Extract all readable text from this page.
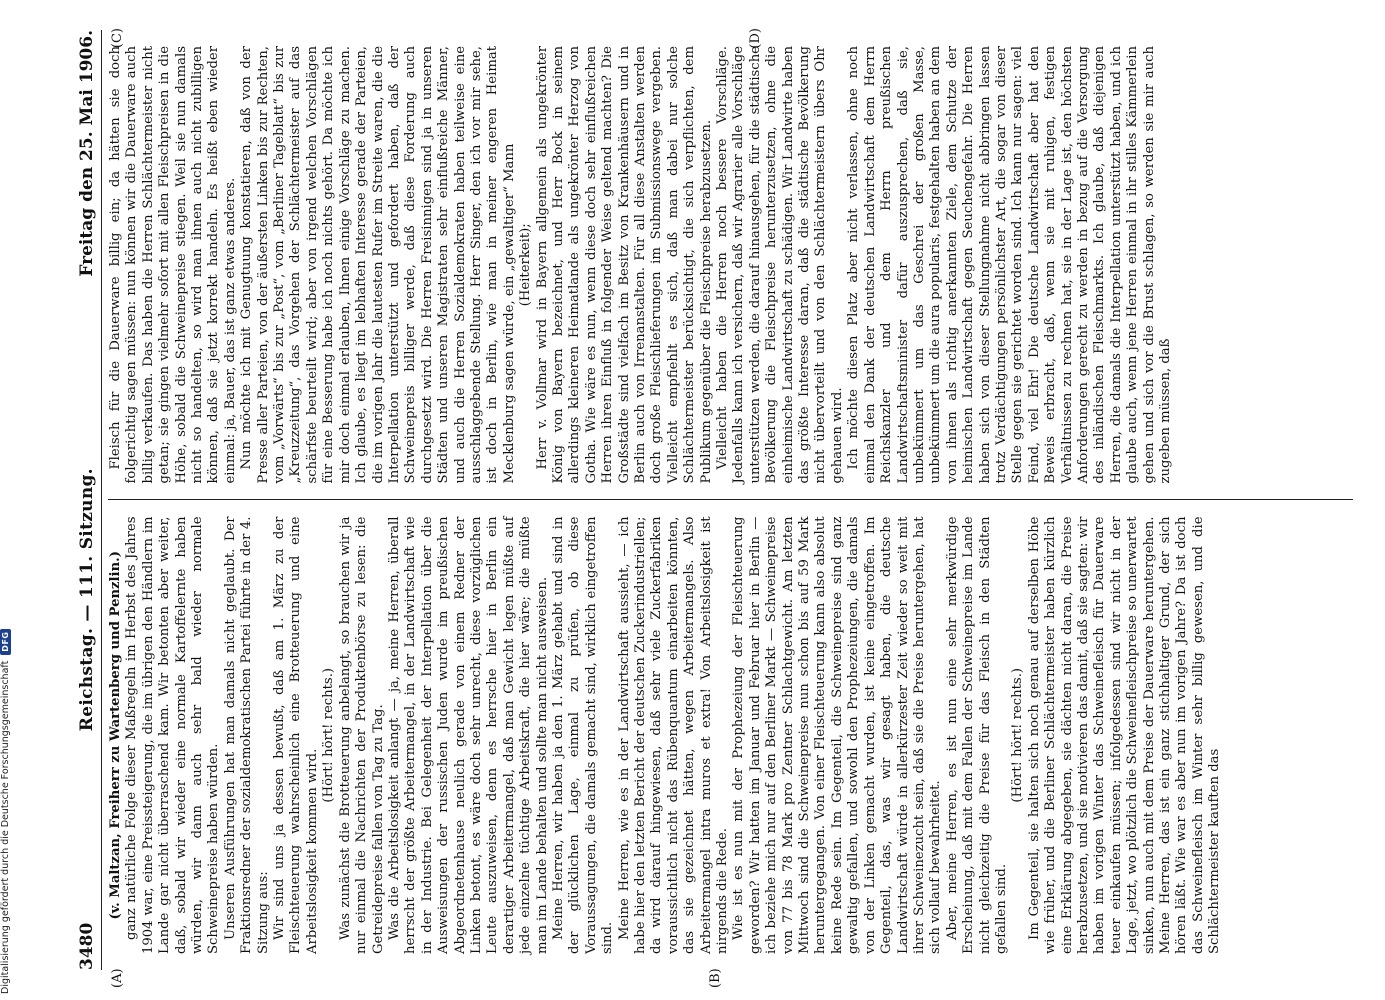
Digitalisierung gefördert durch die Deutsche Forschungsgemeinschaft
DFG
3480
Reichstag. — 111. Sitzung.
Freitag den 25. Mai 1906.
(A)	(B)

(v. Maltzan, Freiherr zu Wartenberg und Penzlin.) ganz natürliche Folge dieser Maßregeln im Herbst des Jahres 1904 war, eine Preissteigerung, die im übrigen den Händlern im Lande gar nicht überraschend kam. Wir betonten aber weiter, daß, sobald wir wieder eine normale Kartoffelernte haben würden, wir dann auch sehr bald wieder normale Schweinepreise haben würden. Unseren Ausführungen hat man damals nicht geglaubt. Der Fraktionsredner der sozialdemokratischen Partei führte in der 4. Sitzung aus: Wir sind uns ja dessen bewußt, daß am 1. März zu der Fleischteuerung wahrscheinlich eine Brotteuerung und eine Arbeitslosigkeit kommen wird.

(Hört! hört! rechts.) Was zunächst die Brotteuerung anbelangt, so brauchen wir ja nur einmal die Nachrichten der Produktenbörse zu lesen: die Getreidepreise fallen von Tag zu Tag. Was die Arbeitslosigkeit anlangt — ja, meine Herren, überall herrscht der größte Arbeitermangel, in der Landwirtschaft wie in der Industrie. Bei Gelegenheit der Interpellation über die Ausweisungen der russischen Juden wurde im preußischen Abgeordnetenhause neulich gerade von einem Redner der Linken betont, es wäre doch sehr unrecht, diese vorzüglichen Leute auszuweisen, denn es herrsche hier in Berlin ein derartiger Arbeitermangel, daß man Gewicht legen müßte auf jede einzelne tüchtige Arbeitskraft, die hier wäre; die müßte man im Lande behalten und sollte man nicht ausweisen. Meine Herren, wir haben ja den 1. März gehabt und sind in der glücklichen Lage, einmal zu prüfen, ob diese Voraussagungen, die damals gemacht sind, wirklich eingetroffen sind. Meine Herren, wie es in der Landwirtschaft aussieht, — ich habe hier den letzten Bericht der deutschen Zuckerindustriellen; da wird darauf hingewiesen, daß sehr viele Zuckerfabriken voraussichtlich nicht das Rübenquantum einarbeiten könnten, das sie gezeichnet hätten, wegen Arbeitermangels. Also Arbeitermangel intra muros et extra! Von Arbeitslosigkeit ist nirgends die Rede. Wie ist es nun mit der Prophezeiung der Fleischteuerung geworden? Wir hatten im Januar und Februar hier in Berlin — ich beziehe mich nur auf den Berliner Markt — Schweinepreise von 77 bis 78 Mark pro Zentner Schlachtgewicht. Am letzten Mittwoch sind die Schweinepreise nun schon bis auf 59 Mark heruntergegangen. Von einer Fleischteuerung kann also absolut keine Rede sein. Im Gegenteil, die Schweinepreise sind ganz gewaltig gefallen, und sowohl den Prophezeiungen, die damals von der Linken gemacht wurden, ist keine eingetroffen. Im Gegenteil, das, was wir gesagt haben, die deutsche Landwirtschaft würde in allerkürzester Zeit wieder so weit mit ihrer Schweinezucht sein, daß sie die Preise heruntergehen, hat sich vollauf bewahrheitet. Aber, meine Herren, es ist nun eine sehr merkwürdige Erscheinung, daß mit dem Fallen der Schweinepreise im Lande nicht gleichzeitig die Preise für das Fleisch in den Städten gefallen sind.

(Hört! hört! rechts.) Im Gegenteil, sie halten sich noch genau auf derselben Höhe wie früher, und die Berliner Schlächtermeister haben kürzlich eine Erklärung abgegeben, sie dächten nicht daran, die Preise herabzusetzen, und sie motivieren das damit, daß sie sagten: wir haben im vorigen Winter das Schweinefleisch für Dauerware teuer einkaufen müssen; infolgedessen sind wir nicht in der Lage, jetzt, wo plötzlich die Schweinefleischpreise so unerwartet sinken, nun auch mit dem Preise der Dauerware heruntergehen. Meine Herren, das ist ein ganz stichhaltiger Grund, der sich hören läßt. Wie war es aber nun im vorigen Jahre? Da ist doch das Schweinefleisch im Winter sehr billig gewesen, und die Schlächtermeister kauften das

(C)	(D)

Fleisch für die Dauerware billig ein; da hätten sie doch folgerichtig sagen müssen: nun können wir die Dauerware auch billig verkaufen. Das haben die Herren Schlächtermeister nicht getan; sie gingen vielmehr sofort mit allen Fleischpreisen in die Höhe, sobald die Schweinepreise stiegen. Weil sie nun damals nicht so handelten, so wird man ihnen auch nicht zubilligen können, daß sie jetzt korrekt handeln. Es heißt eben wieder einmal: ja, Bauer, das ist ganz etwas anderes. Nun möchte ich mit Genugtuung konstatieren, daß von der Presse aller Parteien, von der äußersten Linken bis zur Rechten, vom „Vorwärts“ bis zur „Post“, vom „Berliner Tageblatt“ bis zur „Kreuzzeitung“, das Vorgehen der Schlächtermeister auf das schärfste beurteilt wird; aber von irgend welchen Vorschlägen für eine Besserung habe ich noch nichts gehört. Da möchte ich mir doch einmal erlauben, Ihnen einige Vorschläge zu machen. Ich glaube, es liegt im lebhaften Interesse gerade der Parteien, die im vorigen Jahr die lautesten Rufer im Streite waren, die die Interpellation unterstützt und gefordert haben, daß der Schweinepreis billiger werde, daß diese Forderung auch durchgesetzt wird. Die Herren Freisinnigen sind ja in unseren Städten und unseren Magistraten sehr einflußreiche Männer, und auch die Herren Sozialdemokraten haben teilweise eine ausschlaggebende Stellung. Herr Singer, den ich vor mir sehe, ist doch in Berlin, wie man in meiner engeren Heimat Mecklenburg sagen würde, ein „gewaltiger“ Mann (Heiterkeit); Herr v. Vollmar wird in Bayern allgemein als ungekrönter König von Bayern bezeichnet, und Herr Bock in seinem allerdings kleineren Heimatlande als ungekrönter Herzog von Gotha. Wie wäre es nun, wenn diese doch sehr einflußreichen Herren ihren Einfluß in folgender Weise geltend machten? Die Großstädte sind vielfach im Besitz von Krankenhäusern und in Berlin auch von Irrenanstalten. Für all diese Anstalten werden doch große Fleischlieferungen im Submissionswege vergeben. Vielleicht empfiehlt es sich, daß man dabei nur solche Schlächtermeister berücksichtigt, die sich verpflichten, dem Publikum gegenüber die Fleischpreise herabzusetzen. Vielleicht haben die Herren noch bessere Vorschläge. Jedenfalls kann ich versichern, daß wir Agrarier alle Vorschläge unterstützen werden, die darauf hinausgehen, für die städtische Bevölkerung die Fleischpreise herunterzusetzen, ohne die einheimische Landwirtschaft zu schädigen. Wir Landwirte haben das größte Interesse daran, daß die städtische Bevölkerung nicht übervorteilt und von den Schlächtermeistern übers Ohr gehauen wird. Ich möchte diesen Platz aber nicht verlassen, ohne noch einmal den Dank der deutschen Landwirtschaft dem Herrn Reichskanzler und dem Herrn preußischen Landwirtschaftsminister dafür auszusprechen, daß sie, unbekümmert um das Geschrei der großen Masse, unbekümmert um die aura popularis, festgehalten haben an dem von ihnen als richtig anerkannten Ziele, dem Schutze der heimischen Landwirtschaft gegen Seuchengefahr. Die Herren haben sich von dieser Stellungnahme nicht abbringen lassen trotz Verdächtigungen persönlichster Art, die sogar von dieser Stelle gegen sie gerichtet worden sind. Ich kann nur sagen: viel Feind, viel Ehr! Die deutsche Landwirtschaft aber hat den Beweis erbracht, daß, wenn sie mit ruhigen, festigen Verhältnissen zu rechnen hat, sie in der Lage ist, den höchsten Anforderungen gerecht zu werden in bezug auf die Versorgung des inländischen Fleischmarkts. Ich glaube, daß diejenigen Herren, die damals die Interpellation unterstützt haben, und ich glaube auch, wenn jene Herren einmal in ihr stilles Kämmerlein gehen und sich vor die Brust schlagen, so werden sie mir auch zugeben müssen, daß
